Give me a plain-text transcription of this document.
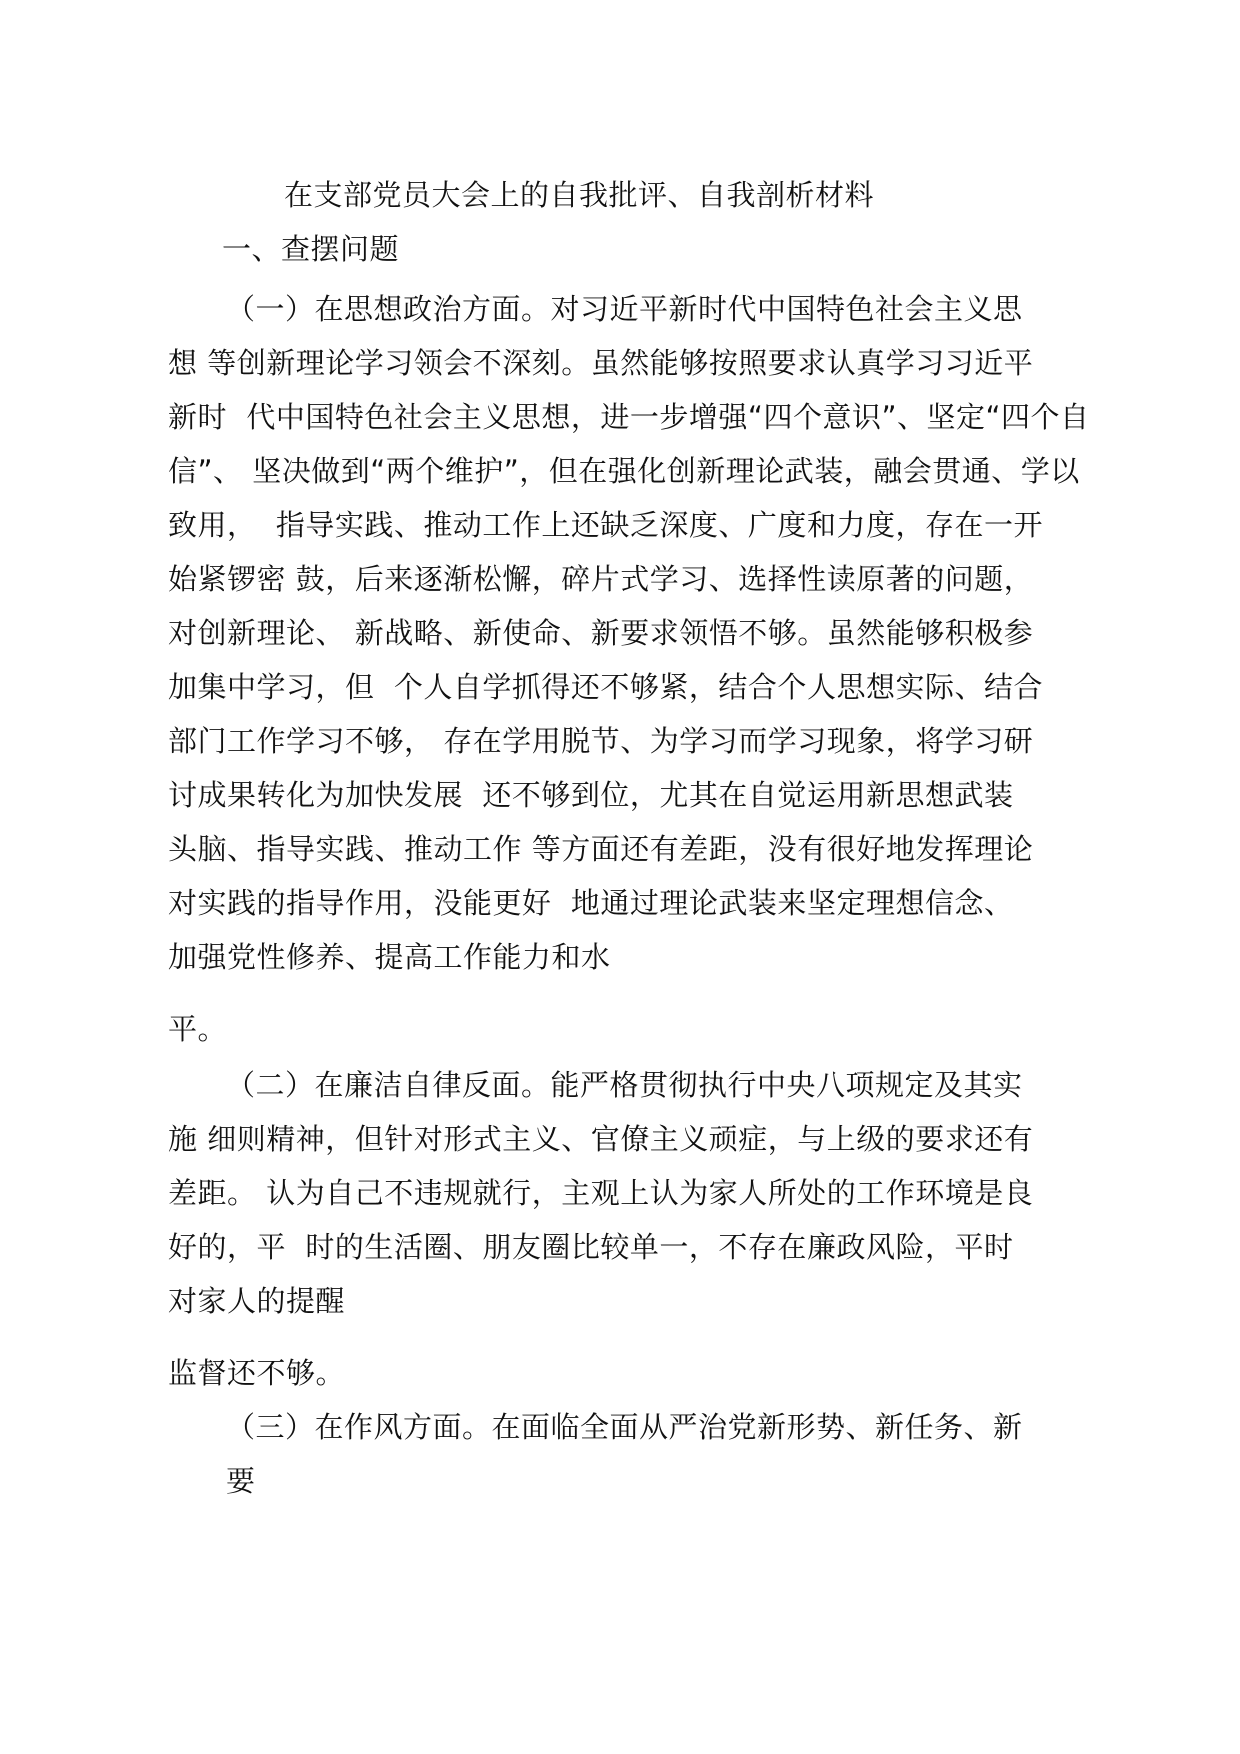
在支部党员大会上的自我批评、自我剖析材料
一、查摆问题
（一）在思想政治方面。对习近平新时代中国特色社会主义思
想 等创新理论学习领会不深刻。虽然能够按照要求认真学习习近平
新时  代中国特色社会主义思想，进一步增强“四个意识”、坚定“四个自
信”、 坚决做到“两个维护”，但在强化创新理论武装，融会贯通、学以
致用，  指导实践、推动工作上还缺乏深度、广度和力度，存在一开
始紧锣密 鼓，后来逐渐松懈，碎片式学习、选择性读原著的问题，
对创新理论、 新战略、新使命、新要求领悟不够。虽然能够积极参
加集中学习，但  个人自学抓得还不够紧，结合个人思想实际、结合
部门工作学习不够， 存在学用脱节、为学习而学习现象，将学习研
讨成果转化为加快发展  还不够到位，尤其在自觉运用新思想武装
头脑、指导实践、推动工作 等方面还有差距，没有很好地发挥理论
对实践的指导作用，没能更好  地通过理论武装来坚定理想信念、
加强党性修养、提高工作能力和水
平。
（二）在廉洁自律反面。能严格贯彻执行中央八项规定及其实
施 细则精神，但针对形式主义、官僚主义顽症，与上级的要求还有
差距。 认为自己不违规就行，主观上认为家人所处的工作环境是良
好的，平  时的生活圈、朋友圈比较单一，不存在廉政风险，平时
对家人的提醒
监督还不够。
（三）在作风方面。在面临全面从严治党新形势、新任务、新
要
